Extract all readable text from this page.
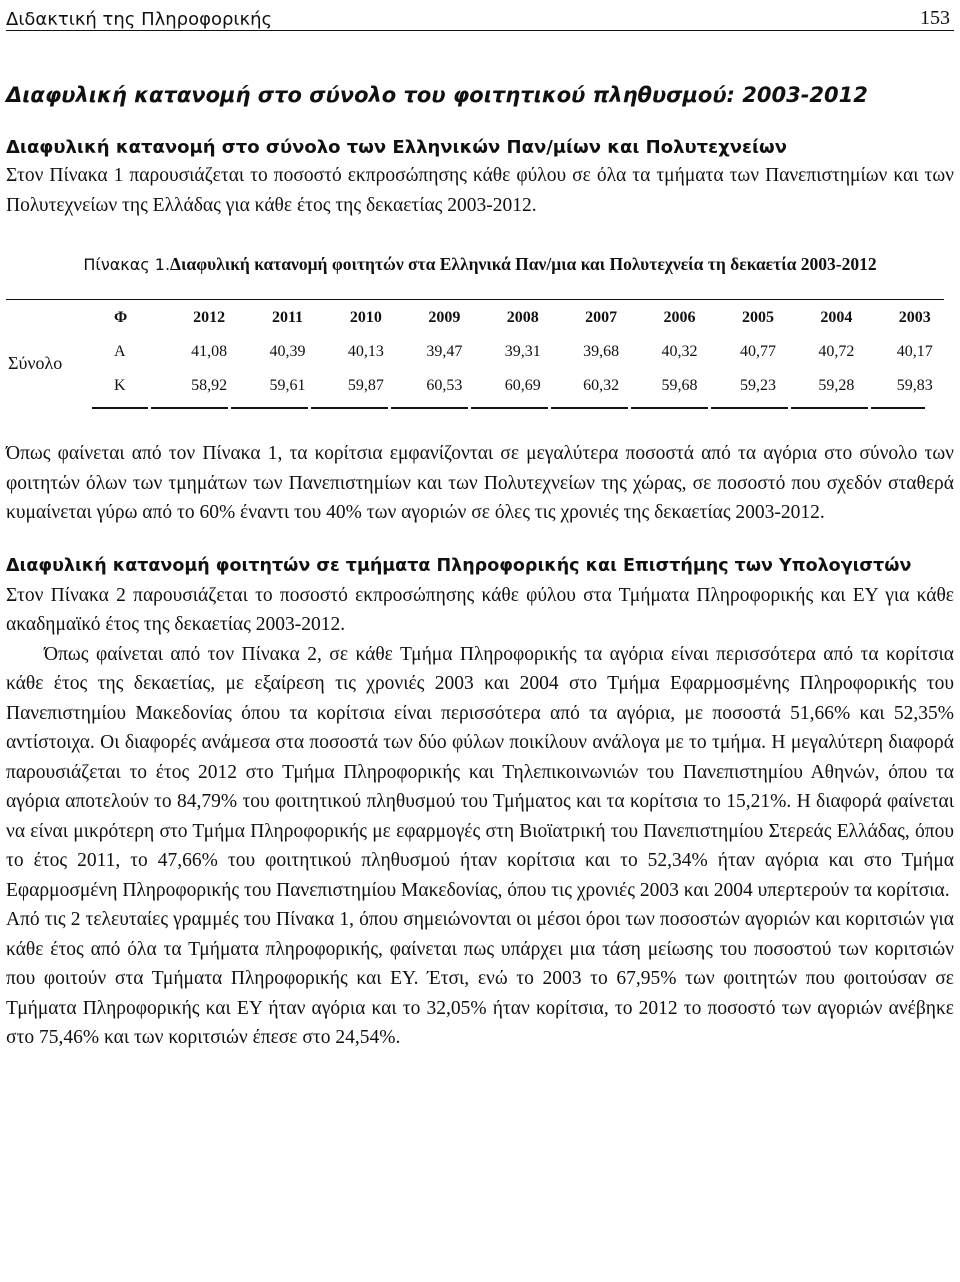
Διδακτική της Πληροφορικής	153
Διαφυλική κατανομή στο σύνολο του φοιτητικού πληθυσμού: 2003-2012
Διαφυλική κατανομή στο σύνολο των Ελληνικών Παν/μίων και Πολυτεχνείων

Στον Πίνακα 1 παρουσιάζεται το ποσοστό εκπροσώπησης κάθε φύλου σε όλα τα τμήματα των Πανεπιστημίων και των Πολυτεχνείων της Ελλάδας για κάθε έτος της δεκαετίας 2003-2012.

Πίνακας 1.Διαφυλική κατανομή φοιτητών στα Ελληνικά Παν/μια και Πολυτεχνεία τη δεκαετία 2003-2012
Σύνολο
Φ	2012	2011	2010	2009	2008	2007	2006	2005	2004	2003
Α	41,08	40,39	40,13	39,47	39,31	39,68	40,32	40,77	40,72	40,17
Κ	58,92	59,61	59,87	60,53	60,69	60,32	59,68	59,23	59,28	59,83

Όπως φαίνεται από τον Πίνακα 1, τα κορίτσια εμφανίζονται σε μεγαλύτερα ποσοστά από τα αγόρια στο σύνολο των φοιτητών όλων των τμημάτων των Πανεπιστημίων και των Πολυτεχνείων της χώρας, σε ποσοστό που σχεδόν σταθερά κυμαίνεται γύρω από το 60% έναντι του 40% των αγοριών σε όλες τις χρονιές της δεκαετίας 2003-2012.

Διαφυλική κατανομή φοιτητών σε τμήματα Πληροφορικής και Επιστήμης των Υπολογιστών

Στον Πίνακα 2 παρουσιάζεται το ποσοστό εκπροσώπησης κάθε φύλου στα Τμήματα Πληροφορικής και ΕΥ για κάθε ακαδημαϊκό έτος της δεκαετίας 2003-2012.

Όπως φαίνεται από τον Πίνακα 2, σε κάθε Τμήμα Πληροφορικής τα αγόρια είναι περισσότερα από τα κορίτσια κάθε έτος της δεκαετίας, με εξαίρεση τις χρονιές 2003 και 2004 στο Τμήμα Εφαρμοσμένης Πληροφορικής του Πανεπιστημίου Μακεδονίας όπου τα κορίτσια είναι περισσότερα από τα αγόρια, με ποσοστά 51,66% και 52,35% αντίστοιχα. Οι διαφορές ανάμεσα στα ποσοστά των δύο φύλων ποικίλουν ανάλογα με το τμήμα. Η μεγαλύτερη διαφορά παρουσιάζεται το έτος 2012 στο Τμήμα Πληροφορικής και Τηλεπικοινωνιών του Πανεπιστημίου Αθηνών, όπου τα αγόρια αποτελούν το 84,79% του φοιτητικού πληθυσμού του Τμήματος και τα κορίτσια το 15,21%. Η διαφορά φαίνεται να είναι μικρότερη στο Τμήμα Πληροφορικής με εφαρμογές στη Βιοϊατρική του Πανεπιστημίου Στερεάς Ελλάδας, όπου το έτος 2011, το 47,66% του φοιτητικού πληθυσμού ήταν κορίτσια και το 52,34% ήταν αγόρια και στο Τμήμα Εφαρμοσμένη Πληροφορικής του Πανεπιστημίου Μακεδονίας, όπου τις χρονιές 2003 και 2004 υπερτερούν τα κορίτσια.

Από τις 2 τελευταίες γραμμές του Πίνακα 1, όπου σημειώνονται οι μέσοι όροι των ποσοστών αγοριών και κοριτσιών για κάθε έτος από όλα τα Τμήματα πληροφορικής, φαίνεται πως υπάρχει μια τάση μείωσης του ποσοστού των κοριτσιών που φοιτούν στα Τμήματα Πληροφορικής και ΕΥ. Έτσι, ενώ το 2003 το 67,95% των φοιτητών που φοιτούσαν σε Τμήματα Πληροφορικής και ΕΥ ήταν αγόρια και το 32,05% ήταν κορίτσια, το 2012 το ποσοστό των αγοριών ανέβηκε στο 75,46% και των κοριτσιών έπεσε στο 24,54%.
